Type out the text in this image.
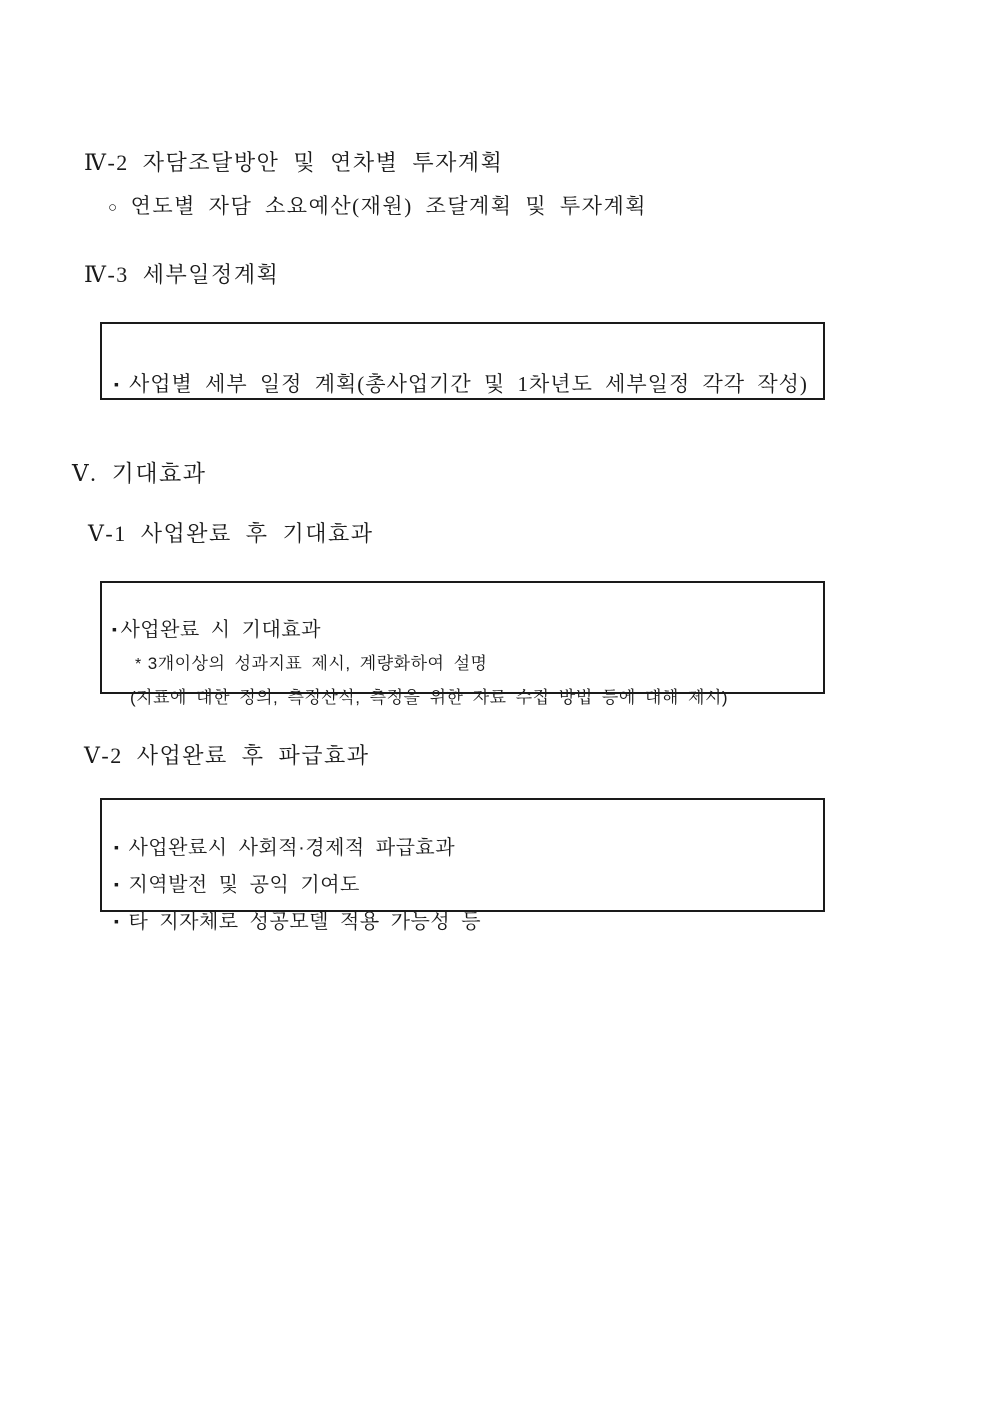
Ⅳ-2 자담조달방안 및 연차별 투자계획

○ 연도별 자담 소요예산(재원) 조달계획 및 투자계획

Ⅳ-3 세부일정계획

▪ 사업별 세부 일정 계획(총사업기간 및 1차년도 세부일정 각각 작성)

Ⅴ. 기대효과
Ⅴ-1 사업완료 후 기대효과

▪ 사업완료 시 기대효과

* 3개이상의 성과지표 제시, 계량화하여 설명

(지표에 대한 정의, 측정산식, 측정을 위한 자료 수집 방법 등에 대해 제시)

Ⅴ-2 사업완료 후 파급효과

▪ 사업완료시 사회적·경제적 파급효과

▪ 지역발전 및 공익 기여도

▪ 타 지자체로 성공모델 적용 가능성 등
